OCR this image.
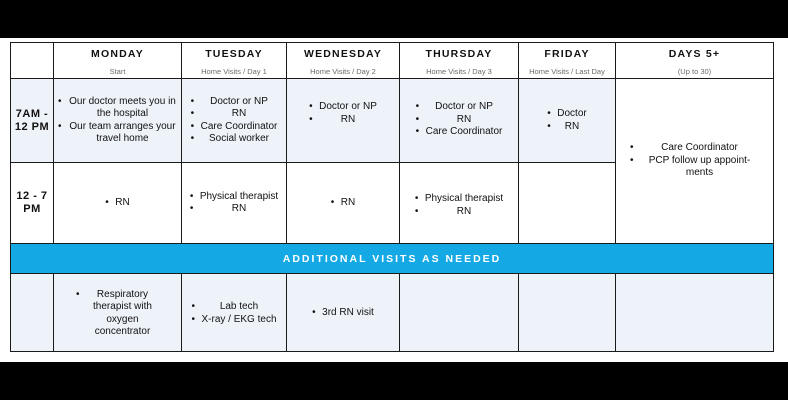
MONDAY
Start
TUESDAY
Home Visits / Day 1
WEDNESDAY
Home Visits / Day 2
THURSDAY
Home Visits / Day 3
FRIDAY
Home Visits / Last Day
DAYS 5+
(Up to 30)
7AM - 12 PM
• Our doctor meets you in the hospital
• Our team arranges your travel home
• Doctor or NP
• RN
• Care Coordinator
• Social worker
• Doctor or NP
• RN
• Doctor or NP
• RN
• Care Coordinator
• Doctor
• RN
• Care Coordinator
• PCP follow up appoint-ments
12 - 7 PM
• RN
• Physical therapist
• RN
• RN
•	Physical therapist
• RN
ADDITIONAL VISITS AS NEEDED
• Respiratory therapist with oxygen concentrator
• Lab tech
• X-ray / EKG tech
• 3rd RN visit
